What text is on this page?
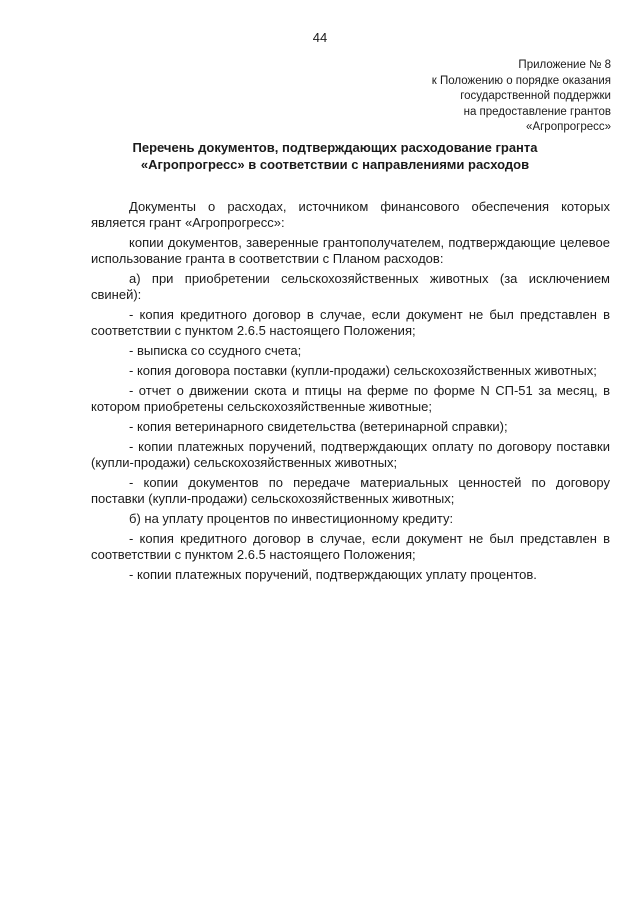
44
Приложение № 8
к Положению о порядке оказания
государственной поддержки
на предоставление грантов
«Агропрогресс»
Перечень документов, подтверждающих расходование гранта
«Агропрогресс» в соответствии с направлениями расходов

Документы о расходах, источником финансового обеспечения которых является грант «Агропрогресс»:

копии документов, заверенные грантополучателем, подтверждающие целевое использование гранта в соответствии с Планом расходов:

а) при приобретении сельскохозяйственных животных (за исключением свиней):

- копия кредитного договор в случае, если документ не был представлен в соответствии с пунктом 2.6.5 настоящего Положения;

- выписка со ссудного счета;

- копия договора поставки (купли-продажи) сельскохозяйственных животных;

- отчет о движении скота и птицы на ферме по форме N СП-51 за месяц, в котором приобретены сельскохозяйственные животные;

- копия ветеринарного свидетельства (ветеринарной справки);

- копии платежных поручений, подтверждающих оплату по договору поставки (купли-продажи) сельскохозяйственных животных;

- копии документов по передаче материальных ценностей по договору поставки (купли-продажи) сельскохозяйственных животных;

б) на уплату процентов по инвестиционному кредиту:

- копия кредитного договор в случае, если документ не был представлен в соответствии с пунктом 2.6.5 настоящего Положения;

- копии платежных поручений, подтверждающих уплату процентов.
